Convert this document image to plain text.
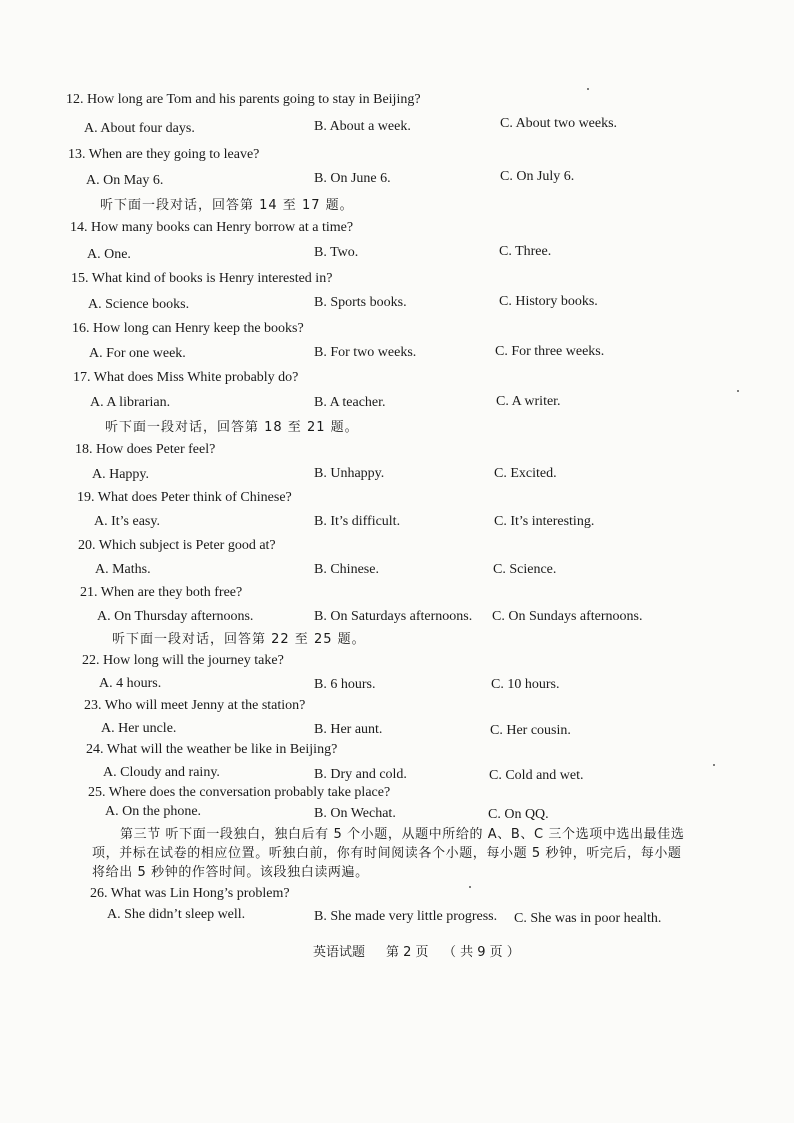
12. How long are Tom and his parents going to stay in Beijing?
A. About four days.	B. About a week.	C. About two weeks.
13. When are they going to leave?
A. On May 6.	B. On June 6.	C. On July 6.
听下面一段对话，回答第 14 至 17 题。
14. How many books can Henry borrow at a time?
A. One.	B. Two.	C. Three.
15. What kind of books is Henry interested in?
A. Science books.	B. Sports books.	C. History books.
16. How long can Henry keep the books?
A. For one week.	B. For two weeks.	C. For three weeks.
17. What does Miss White probably do?
A. A librarian.	B. A teacher.	C. A writer.
听下面一段对话，回答第 18 至 21 题。
18. How does Peter feel?
A. Happy.	B. Unhappy.	C. Excited.
19. What does Peter think of Chinese?
A. It’s easy.	B. It’s difficult.	C. It’s interesting.
20. Which subject is Peter good at?
A. Maths.	B. Chinese.	C. Science.
21. When are they both free?
A. On Thursday afternoons.	B. On Saturdays afternoons. C. On Sundays afternoons.
听下面一段对话，回答第 22 至 25 题。
22. How long will the journey take?
A. 4 hours.	B. 6 hours.	C. 10 hours.
23. Who will meet Jenny at the station?
A. Her uncle.	B. Her aunt.	C. Her cousin.
24. What will the weather be like in Beijing?
A. Cloudy and rainy.	B. Dry and cold.	C. Cold and wet.
25. Where does the conversation probably take place?
A. On the phone.	B. On Wechat.	C. On QQ.
第三节 听下面一段独白，独白后有 5 个小题，从题中所给的 A、B、C 三个选项中选出最佳选
项，并标在试卷的相应位置。听独白前，你有时间阅读各个小题，每小题 5 秒钟，听完后，每小题
将给出 5 秒钟的作答时间。该段独白读两遍。
26. What was Lin Hong’s problem?
A. She didn’t sleep well.	B. She made very little progress. C. She was in poor health.
英语试题 第 2 页 （ 共 9 页 ）
